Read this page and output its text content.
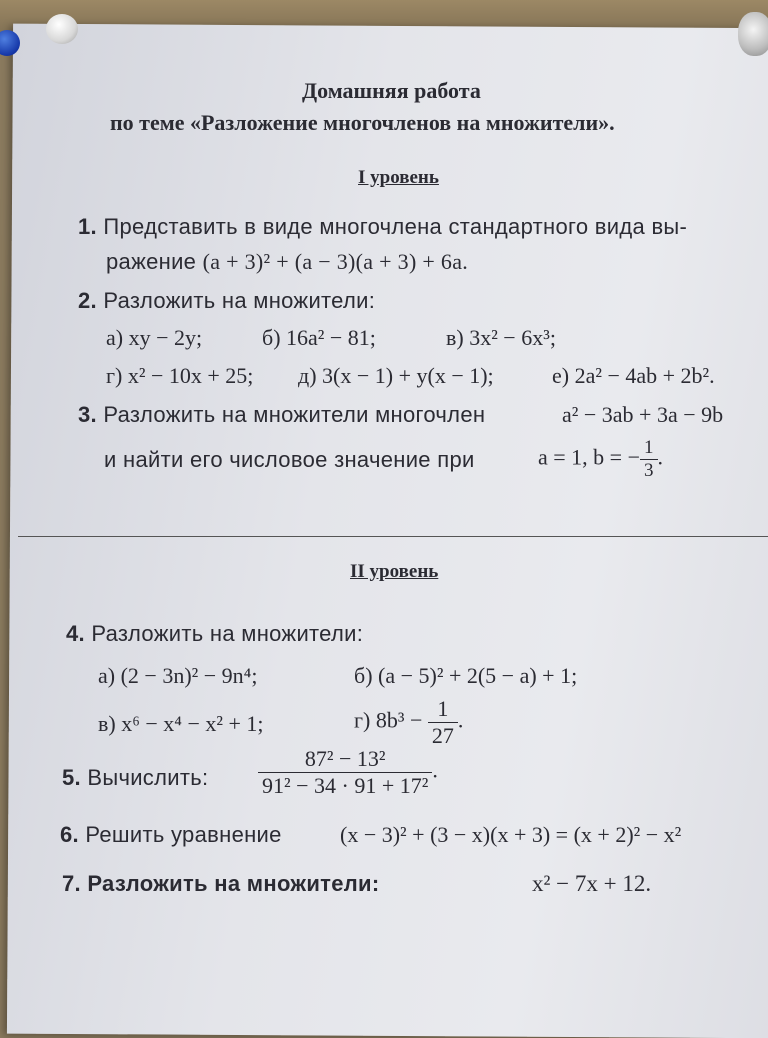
Домашняя работа
по теме «Разложение многочленов на множители».
I уровень
1. Представить в виде многочлена стандартного вида вы-
ражение (a + 3)² + (a − 3)(a + 3) + 6a.
2. Разложить на множители:
а) xy − 2y;	б) 16a² − 81;	в) 3x² − 6x³;
г) x² − 10x + 25; д) 3(x − 1) + y(x − 1);	е) 2a² − 4ab + 2b².
3. Разложить на множители многочлен	a² − 3ab + 3a − 9b
и найти его числовое значение при	a = 1, b = − $\frac{1}{3}$ .
II уровень
4. Разложить на множители:
а) (2 − 3n)² − 9n⁴;	б) (a − 5)² + 2(5 − a) + 1;
в) x⁶ − x⁴ − x² + 1;	г) $8b^3 - \frac{1}{27}$ .
5. Вычислить: $\frac{\text{87² − 13²}}{\text{91² − 34 · 91 + 17²}}$ .
6. Решить уравнение	(x − 3)² + (3 − x)(x + 3) = (x + 2)² − x²
7. Разложить на множители:	x² − 7x + 12.
